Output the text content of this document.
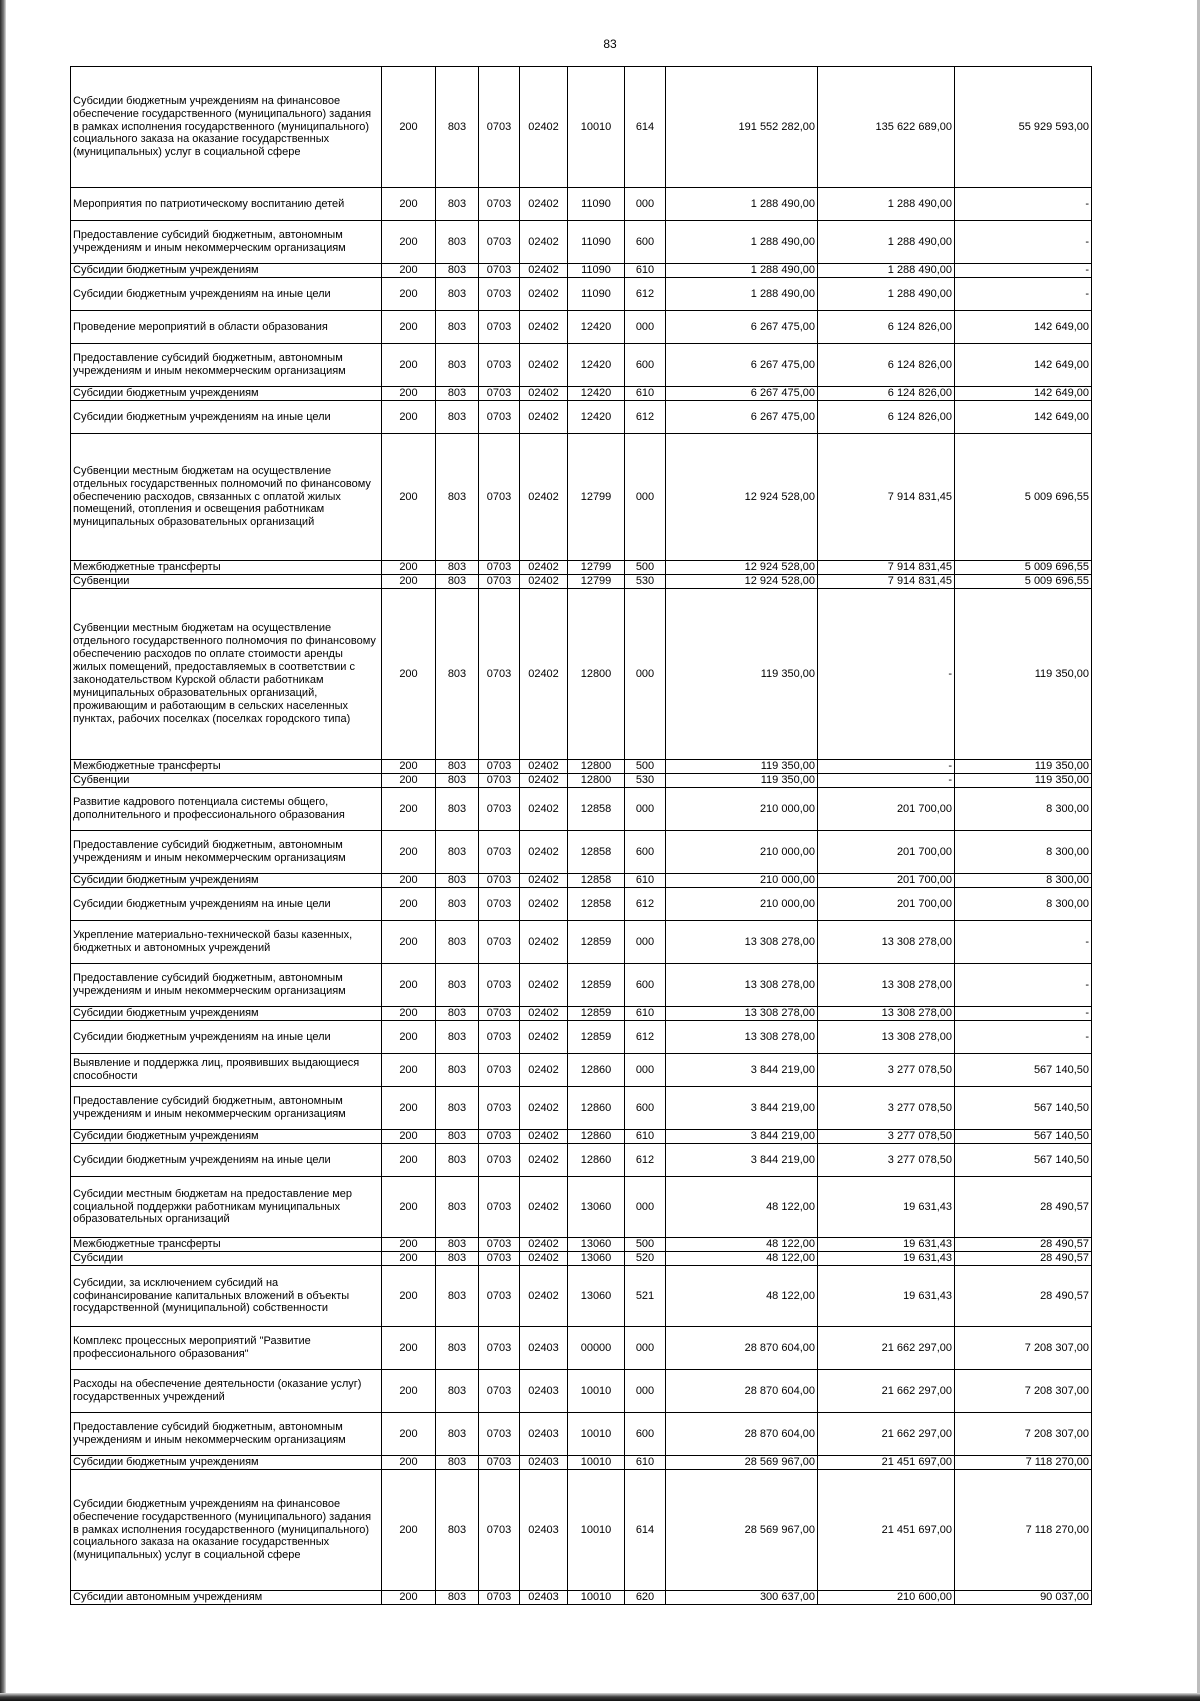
83
Субсидии бюджетным учреждениям на финансовое обеспечение государственного (муниципального) задания в рамках исполнения государственного (муниципального) социального заказа на оказание государственных (муниципальных) услуг в социальной сфере	200	803	0703	02402	10010	614	191 552 282,00	135 622 689,00	55 929 593,00
Мероприятия по патриотическому воспитанию детей	200	803	0703	02402	11090	000	1 288 490,00	1 288 490,00	-
Предоставление субсидий бюджетным, автономным учреждениям и иным некоммерческим организациям	200	803	0703	02402	11090	600	1 288 490,00	1 288 490,00	-
Субсидии бюджетным учреждениям	200	803	0703	02402	11090	610	1 288 490,00	1 288 490,00	-
Субсидии бюджетным учреждениям на иные цели	200	803	0703	02402	11090	612	1 288 490,00	1 288 490,00	-
Проведение мероприятий в области образования	200	803	0703	02402	12420	000	6 267 475,00	6 124 826,00	142 649,00
Предоставление субсидий бюджетным, автономным учреждениям и иным некоммерческим организациям	200	803	0703	02402	12420	600	6 267 475,00	6 124 826,00	142 649,00
Субсидии бюджетным учреждениям	200	803	0703	02402	12420	610	6 267 475,00	6 124 826,00	142 649,00
Субсидии бюджетным учреждениям на иные цели	200	803	0703	02402	12420	612	6 267 475,00	6 124 826,00	142 649,00
Субвенции местным бюджетам на осуществление отдельных государственных полномочий по финансовому обеспечению расходов, связанных с оплатой жилых помещений, отопления и освещения работникам муниципальных образовательных организаций	200	803	0703	02402	12799	000	12 924 528,00	7 914 831,45	5 009 696,55
Межбюджетные трансферты	200	803	0703	02402	12799	500	12 924 528,00	7 914 831,45	5 009 696,55
Субвенции	200	803	0703	02402	12799	530	12 924 528,00	7 914 831,45	5 009 696,55
Субвенции местным бюджетам на осуществление отдельного государственного полномочия по финансовому обеспечению расходов по оплате стоимости аренды жилых помещений, предоставляемых в соответствии с законодательством Курской области работникам муниципальных образовательных организаций, проживающим и работающим в сельских населенных пунктах, рабочих поселках (поселках городского типа)	200	803	0703	02402	12800	000	119 350,00	-	119 350,00
Межбюджетные трансферты	200	803	0703	02402	12800	500	119 350,00	-	119 350,00
Субвенции	200	803	0703	02402	12800	530	119 350,00	-	119 350,00
Развитие кадрового потенциала системы общего, дополнительного и профессионального образования	200	803	0703	02402	12858	000	210 000,00	201 700,00	8 300,00
Предоставление субсидий бюджетным, автономным учреждениям и иным некоммерческим организациям	200	803	0703	02402	12858	600	210 000,00	201 700,00	8 300,00
Субсидии бюджетным учреждениям	200	803	0703	02402	12858	610	210 000,00	201 700,00	8 300,00
Субсидии бюджетным учреждениям на иные цели	200	803	0703	02402	12858	612	210 000,00	201 700,00	8 300,00
Укрепление материально-технической базы казенных, бюджетных и автономных учреждений	200	803	0703	02402	12859	000	13 308 278,00	13 308 278,00	-
Предоставление субсидий бюджетным, автономным учреждениям и иным некоммерческим организациям	200	803	0703	02402	12859	600	13 308 278,00	13 308 278,00	-
Субсидии бюджетным учреждениям	200	803	0703	02402	12859	610	13 308 278,00	13 308 278,00	-
Субсидии бюджетным учреждениям на иные цели	200	803	0703	02402	12859	612	13 308 278,00	13 308 278,00	-
Выявление и поддержка лиц, проявивших выдающиеся способности	200	803	0703	02402	12860	000	3 844 219,00	3 277 078,50	567 140,50
Предоставление субсидий бюджетным, автономным учреждениям и иным некоммерческим организациям	200	803	0703	02402	12860	600	3 844 219,00	3 277 078,50	567 140,50
Субсидии бюджетным учреждениям	200	803	0703	02402	12860	610	3 844 219,00	3 277 078,50	567 140,50
Субсидии бюджетным учреждениям на иные цели	200	803	0703	02402	12860	612	3 844 219,00	3 277 078,50	567 140,50
Субсидии местным бюджетам на предоставление мер социальной поддержки работникам муниципальных образовательных организаций	200	803	0703	02402	13060	000	48 122,00	19 631,43	28 490,57
Межбюджетные трансферты	200	803	0703	02402	13060	500	48 122,00	19 631,43	28 490,57
Субсидии	200	803	0703	02402	13060	520	48 122,00	19 631,43	28 490,57
Субсидии, за исключением субсидий на софинансирование капитальных вложений в объекты государственной (муниципальной) собственности	200	803	0703	02402	13060	521	48 122,00	19 631,43	28 490,57
Комплекс процессных мероприятий "Развитие профессионального образования"	200	803	0703	02403	00000	000	28 870 604,00	21 662 297,00	7 208 307,00
Расходы на обеспечение деятельности (оказание услуг) государственных учреждений	200	803	0703	02403	10010	000	28 870 604,00	21 662 297,00	7 208 307,00
Предоставление субсидий бюджетным, автономным учреждениям и иным некоммерческим организациям	200	803	0703	02403	10010	600	28 870 604,00	21 662 297,00	7 208 307,00
Субсидии бюджетным учреждениям	200	803	0703	02403	10010	610	28 569 967,00	21 451 697,00	7 118 270,00
Субсидии бюджетным учреждениям на финансовое обеспечение государственного (муниципального) задания в рамках исполнения государственного (муниципального) социального заказа на оказание государственных (муниципальных) услуг в социальной сфере	200	803	0703	02403	10010	614	28 569 967,00	21 451 697,00	7 118 270,00
Субсидии автономным учреждениям	200	803	0703	02403	10010	620	300 637,00	210 600,00	90 037,00
